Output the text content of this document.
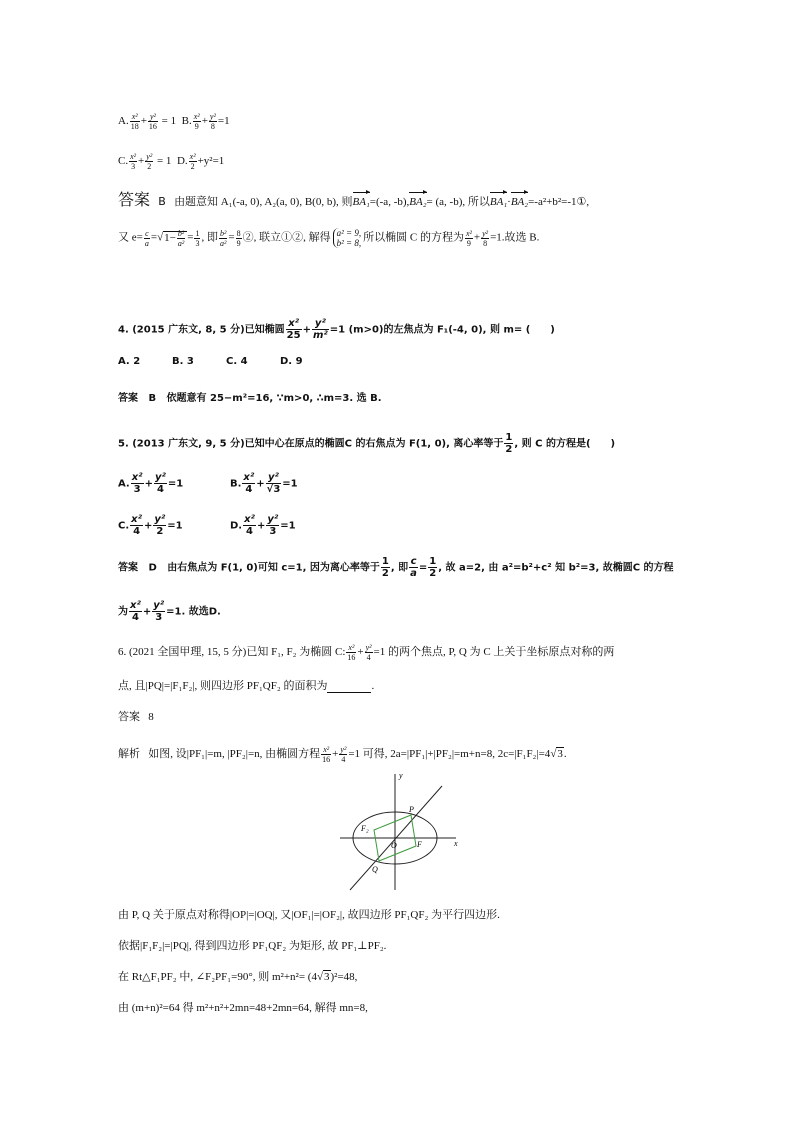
A. $\frac{\text{x²}}{18} + \frac{\text{y²}}{16} = 1$ B. $\frac{\text{x²}}{9} + \frac{\text{y²}}{8} =1$
C. $\frac{\text{x²}}{3} + \frac{\text{y²}}{2} = 1$ D. $\frac{\text{x²}}{2} +y^2=1$
答案 B 由题意知 A₁(-a, 0), A₂(a, 0), B(0, b), 则BA₁=(-a, -b),BA₂= (a, -b), 所以BA₁·BA₂=-a²+b²=-1①,
又 $e= \frac{c}{a} =√1- \frac{\text{b²}}{\text{a²}} = \frac{1}{3}$ , 即 $\frac{\text{b²}}{\text{a²}} = \frac{8}{9}$ ②, 联立①②, 解得 a² = 9,
b² = 8, 所以椭圆 C 的方程为 $\frac{\text{x²}}{9} + \frac{\text{y²}}{8} =1$.故选 B.
4. (2015 广东文, 8, 5 分)已知椭圆 $\frac{\text{x²}}{25} + \frac{\text{y²}}{\text{m²}} =1$ (m>0)的左焦点为 F₁(-4, 0), 则 m= (　　)
A. 2	B. 3	C. 4	D. 9
答案 B 依题意有 25−m²=16, ∵m>0, ∴m=3. 选 B.
5. (2013 广东文, 9, 5 分)已知中心在原点的椭圆C 的右焦点为 F(1, 0), 离心率等于 $\frac{1}{2}$ , 则 C 的方程是(　　)
A. $\frac{\text{x²}}{3} + \frac{\text{y²}}{4} =1$	B. $\frac{\text{x²}}{4} + \frac{\text{y²}}{√3} =1$
C. $\frac{\text{x²}}{4} + \frac{\text{y²}}{2} =1$	D. $\frac{\text{x²}}{4} + \frac{\text{y²}}{3} =1$
答案 D 由右焦点为 F(1, 0)可知 c=1, 因为离心率等于 $\frac{1}{2}$ , 即 $\frac{c}{a} = \frac{1}{2}$ , 故 a=2, 由 a²=b²+c² 知 b²=3, 故椭圆C 的方程
为 $\frac{\text{x²}}{4} + \frac{\text{y²}}{3} =1$. 故选D.
6. (2021 全国甲理, 15, 5 分)已知 F₁, F₂ 为椭圆 C: $\frac{\text{x²}}{16} + \frac{\text{y²}}{4} =1$ 的两个焦点, P, Q 为 C 上关于坐标原点对称的两
点, 且|PQ|=|F₁F₂|, 则四边形 PF₁QF₂ 的面积为	.
答案 8
解析 如图, 设|PF₁|=m, |PF₂|=n, 由椭圆方程 $\frac{\text{x²}}{16} + \frac{\text{y²}}{4} =1$ 可得, 2a=|PF₁|+|PF₂|=m+n=8, 2c=|F₁F₂|=4√3.
y
x
P
Q
O	F
F₂
由 P, Q 关于原点对称得|OP|=|OQ|, 又|OF₁|=|OF₂|, 故四边形 PF₁QF₂ 为平行四边形.
依据|F₁F₂|=|PQ|, 得到四边形 PF₁QF₂ 为矩形, 故 PF₁⊥PF₂.
在 Rt△F₁PF₂ 中, ∠F₂PF₁=90°, 则 m²+n²= (4√3)²=48,
由 (m+n)²=64 得 m²+n²+2mn=48+2mn=64, 解得 mn=8,
